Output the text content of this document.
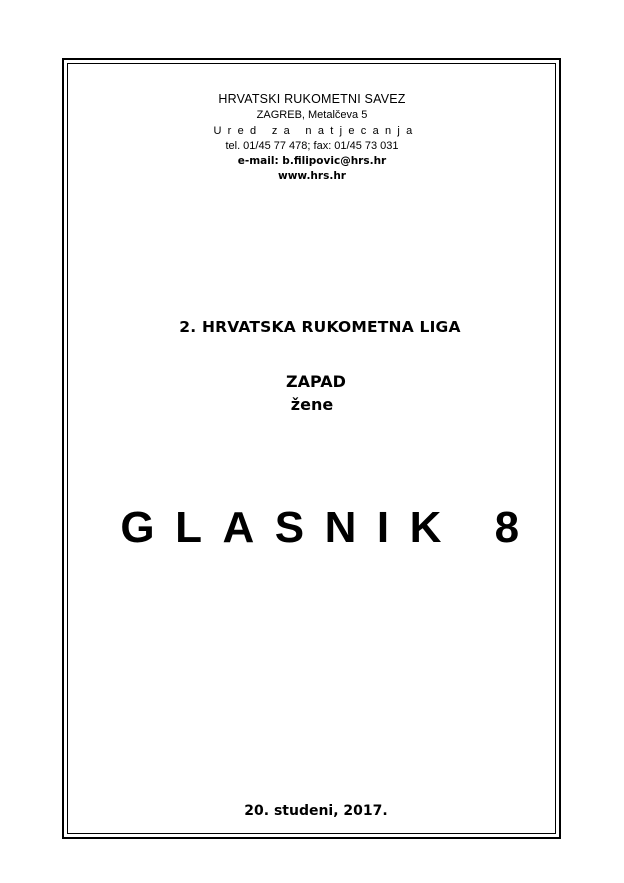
HRVATSKI RUKOMETNI SAVEZ
ZAGREB, Metalčeva 5
Ured za natjecanja
tel. 01/45 77 478; fax: 01/45 73 031
e-mail: b.filipovic@hrs.hr
www.hrs.hr
2. HRVATSKA RUKOMETNA LIGA
ZAPAD
žene
GLASNIK 8
20. studeni, 2017.
